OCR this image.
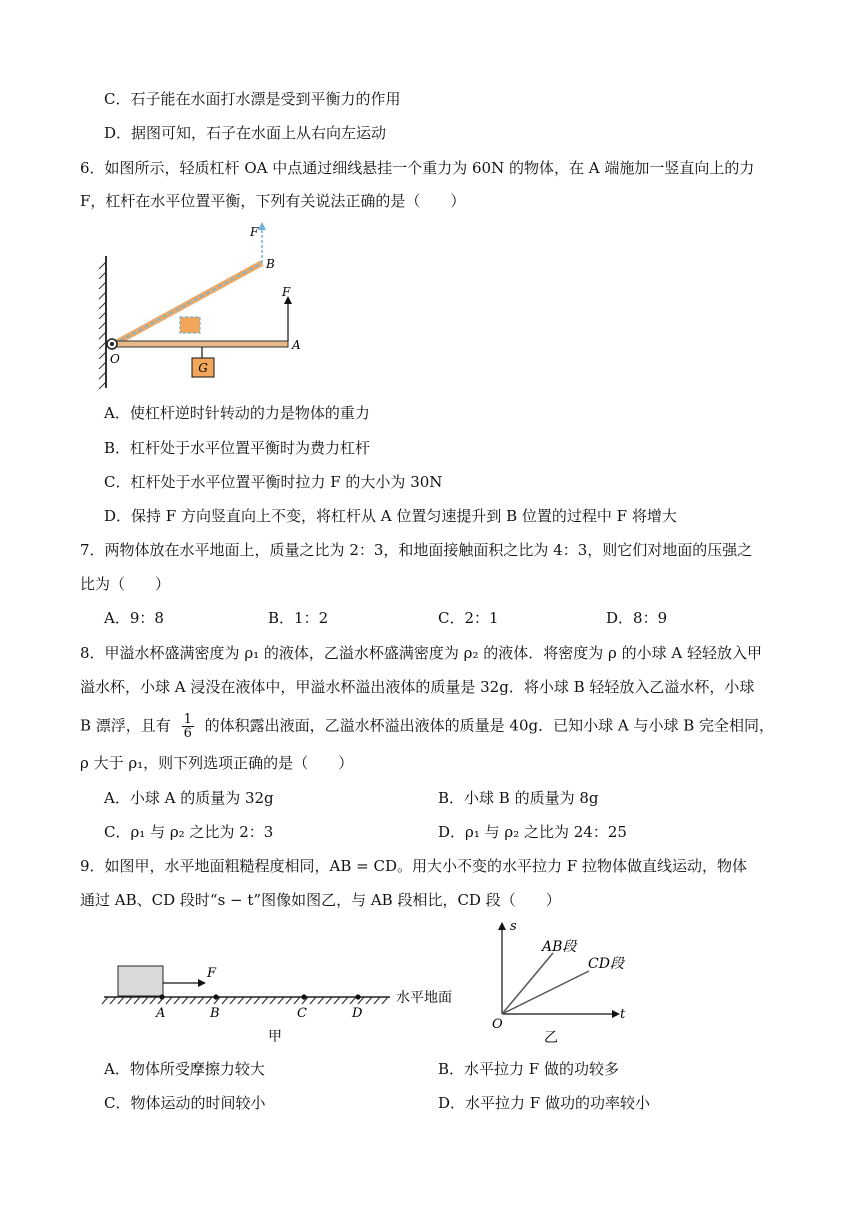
C．石子能在水面打水漂是受到平衡力的作用
D．据图可知，石子在水面上从右向左运动
6．如图所示，轻质杠杆 OA 中点通过细线悬挂一个重力为 60N 的物体，在 A 端施加一竖直向上的力
F，杠杆在水平位置平衡，下列有关说法正确的是（　　）
G
F
B
F
O
A
A．使杠杆逆时针转动的力是物体的重力
B．杠杆处于水平位置平衡时为费力杠杆
C．杠杆处于水平位置平衡时拉力 F 的大小为 30N
D．保持 F 方向竖直向上不变，将杠杆从 A 位置匀速提升到 B 位置的过程中 F 将增大
7．两物体放在水平地面上，质量之比为 2：3，和地面接触面积之比为 4：3，则它们对地面的压强之
比为（　　）
A．9：8	B．1：2	C．2：1	D．8：9
8．甲溢水杯盛满密度为 ρ₁ 的液体，乙溢水杯盛满密度为 ρ₂ 的液体．将密度为 ρ 的小球 A 轻轻放入甲
溢水杯，小球 A 浸没在液体中，甲溢水杯溢出液体的质量是 32g．将小球 B 轻轻放入乙溢水杯，小球
B 漂浮，且有 $\frac{1}{6}$ 的体积露出液面，乙溢水杯溢出液体的质量是 40g．已知小球 A 与小球 B 完全相同，
ρ 大于 ρ₁，则下列选项正确的是（　　）
A．小球 A 的质量为 32g	B．小球 B 的质量为 8g
C．ρ₁ 与 ρ₂ 之比为 2：3	D．ρ₁ 与 ρ₂ 之比为 24：25
9．如图甲，水平地面粗糙程度相同，AB = CD。用大小不变的水平拉力 F 拉物体做直线运动，物体
通过 AB、CD 段时“s − t”图像如图乙，与 AB 段相比，CD 段（　　）
F
A	B	C	D
水平地面
甲
s
t
O
AB段
CD段
乙
A．物体所受摩擦力较大	B．水平拉力 F 做的功较多
C．物体运动的时间较小	D．水平拉力 F 做功的功率较小
